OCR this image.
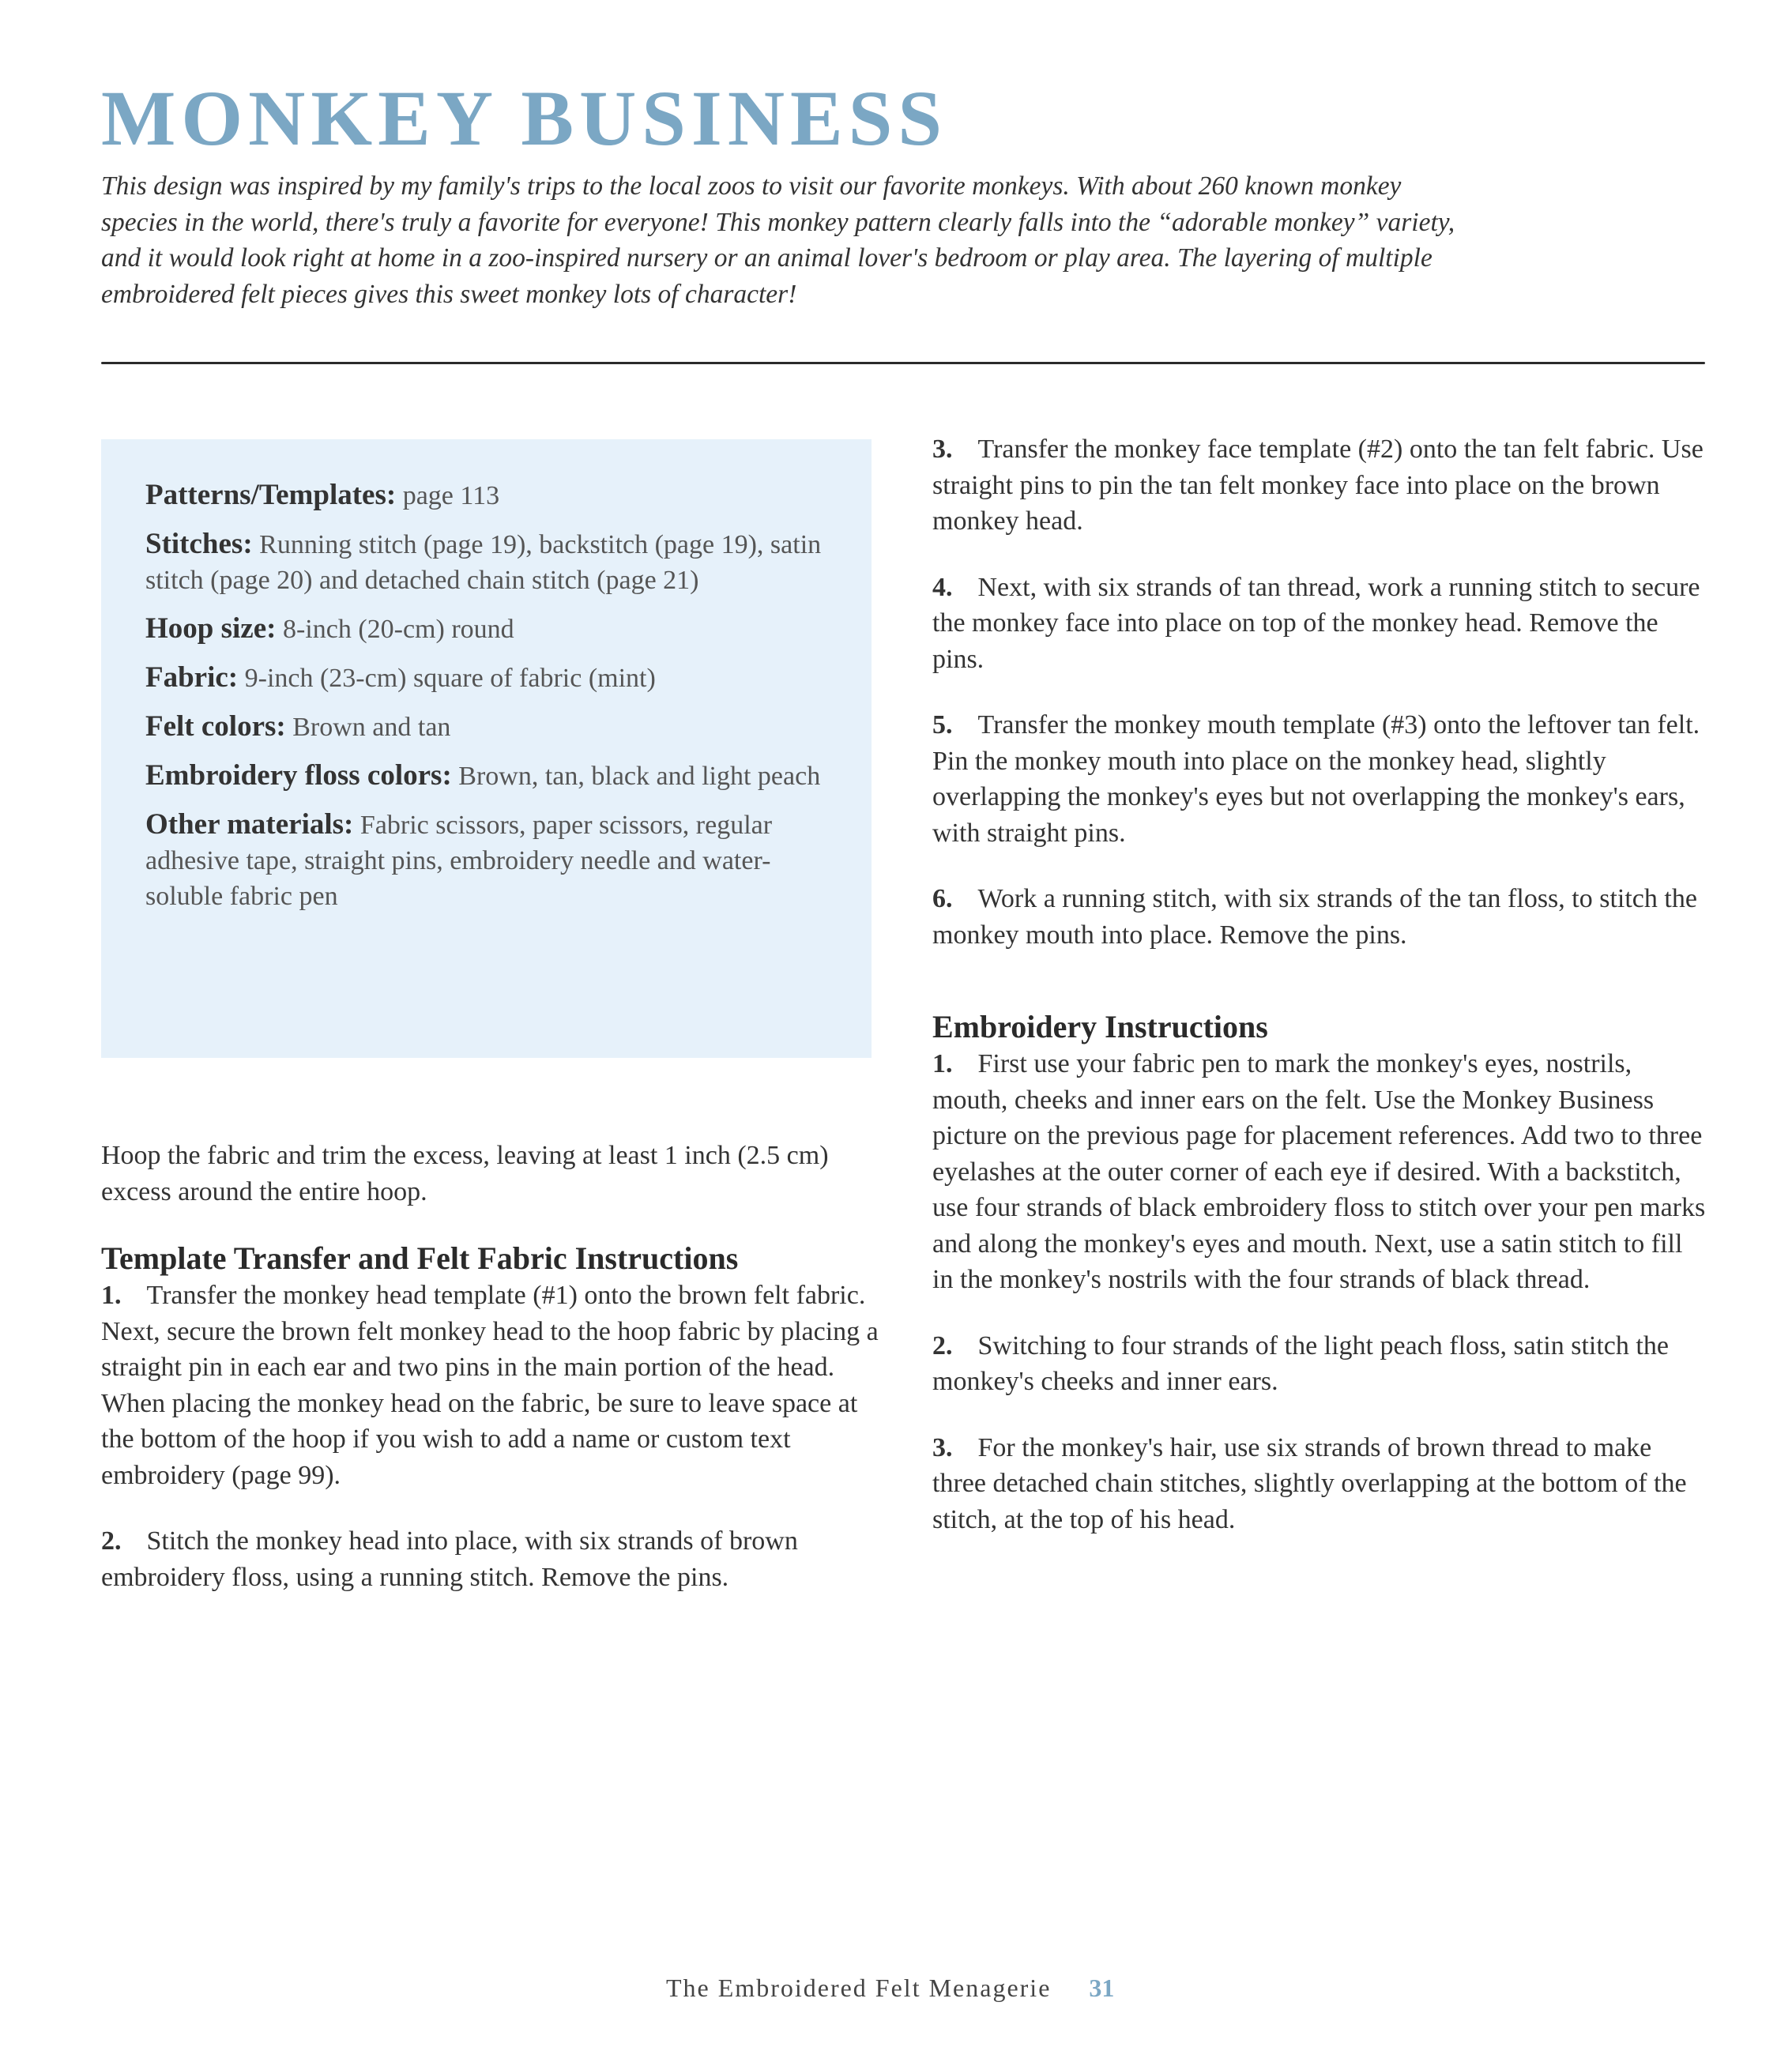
MONKEY BUSINESS

This design was inspired by my family's trips to the local zoos to visit our favorite monkeys. With about 260 known monkey species in the world, there's truly a favorite for everyone! This monkey pattern clearly falls into the “adorable monkey” variety, and it would look right at home in a zoo-inspired nursery or an animal lover's bedroom or play area. The layering of multiple embroidered felt pieces gives this sweet monkey lots of character!

Patterns/Templates: page 113
Stitches: Running stitch (page 19), backstitch (page 19), satin stitch (page 20) and detached chain stitch (page 21)
Hoop size: 8-inch (20-cm) round
Fabric: 9-inch (23-cm) square of fabric (mint)
Felt colors: Brown and tan
Embroidery floss colors: Brown, tan, black and light peach
Other materials: Fabric scissors, paper scissors, regular adhesive tape, straight pins, embroidery needle and water-soluble fabric pen

Hoop the fabric and trim the excess, leaving at least 1 inch (2.5 cm) excess around the entire hoop.

Template Transfer and Felt Fabric Instructions

1. Transfer the monkey head template (#1) onto the brown felt fabric. Next, secure the brown felt monkey head to the hoop fabric by placing a straight pin in each ear and two pins in the main portion of the head. When placing the monkey head on the fabric, be sure to leave space at the bottom of the hoop if you wish to add a name or custom text embroidery (page 99).

2. Stitch the monkey head into place, with six strands of brown embroidery floss, using a running stitch. Remove the pins.

3. Transfer the monkey face template (#2) onto the tan felt fabric. Use straight pins to pin the tan felt monkey face into place on the brown monkey head.

4. Next, with six strands of tan thread, work a running stitch to secure the monkey face into place on top of the monkey head. Remove the pins.

5. Transfer the monkey mouth template (#3) onto the leftover tan felt. Pin the monkey mouth into place on the monkey head, slightly overlapping the monkey's eyes but not overlapping the monkey's ears, with straight pins.

6. Work a running stitch, with six strands of the tan floss, to stitch the monkey mouth into place. Remove the pins.

Embroidery Instructions

1. First use your fabric pen to mark the monkey's eyes, nostrils, mouth, cheeks and inner ears on the felt. Use the Monkey Business picture on the previous page for placement references. Add two to three eyelashes at the outer corner of each eye if desired. With a backstitch, use four strands of black embroidery floss to stitch over your pen marks and along the monkey's eyes and mouth. Next, use a satin stitch to fill in the monkey's nostrils with the four strands of black thread.

2. Switching to four strands of the light peach floss, satin stitch the monkey's cheeks and inner ears.

3. For the monkey's hair, use six strands of brown thread to make three detached chain stitches, slightly overlapping at the bottom of the stitch, at the top of his head.

The Embroidered Felt Menagerie 31
